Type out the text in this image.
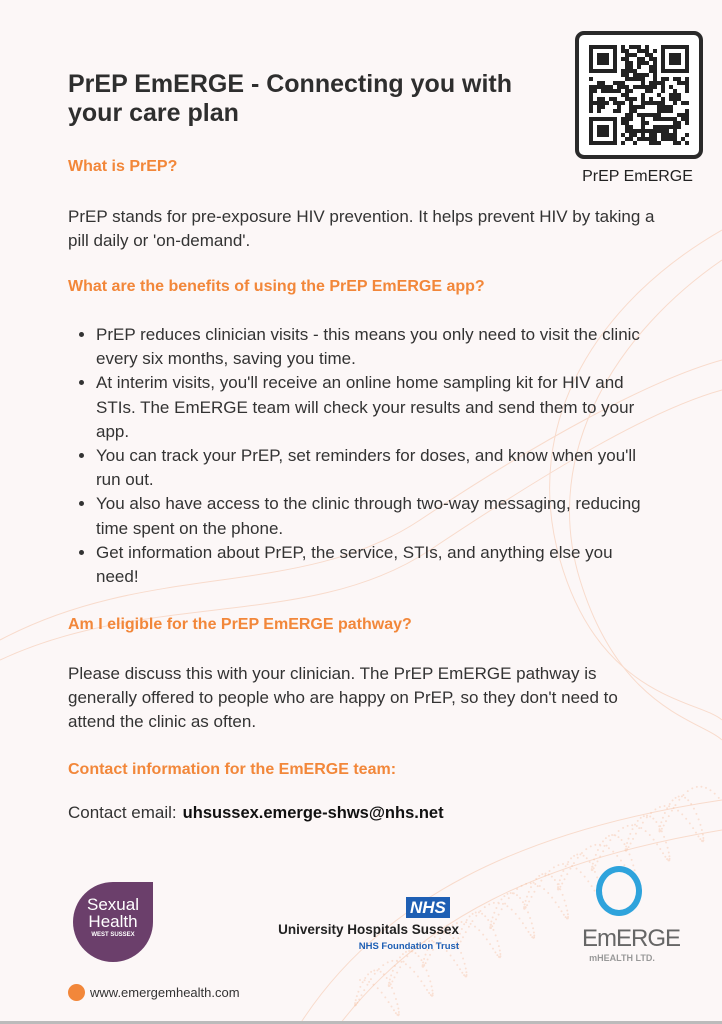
PrEP EmERGE - Connecting you with your care plan
PrEP EmERGE

What is PrEP?

PrEP stands for pre-exposure HIV prevention. It helps prevent HIV by taking a pill daily or 'on-demand'.

What are the benefits of using the PrEP EmERGE app?

• PrEP reduces clinician visits - this means you only need to visit the clinic every six months, saving you time.
• At interim visits, you'll receive an online home sampling kit for HIV and STIs. The EmERGE team will check your results and send them to your app.
• You can track your PrEP, set reminders for doses, and know when you'll run out.
• You also have access to the clinic through two-way messaging, reducing time spent on the phone.
• Get information about PrEP, the service, STIs, and anything else you need!

Am I eligible for the PrEP EmERGE pathway?

Please discuss this with your clinician. The PrEP EmERGE pathway is generally offered to people who are happy on PrEP, so they don't need to attend the clinic as often.

Contact information for the EmERGE team:

Contact email: uhsussex.emerge-shws@nhs.net

Sexual
Health
WEST SUSSEX
NHS
University Hospitals Sussex
NHS Foundation Trust	EmERGE
mHEALTH LTD.
www.emergemhealth.com
